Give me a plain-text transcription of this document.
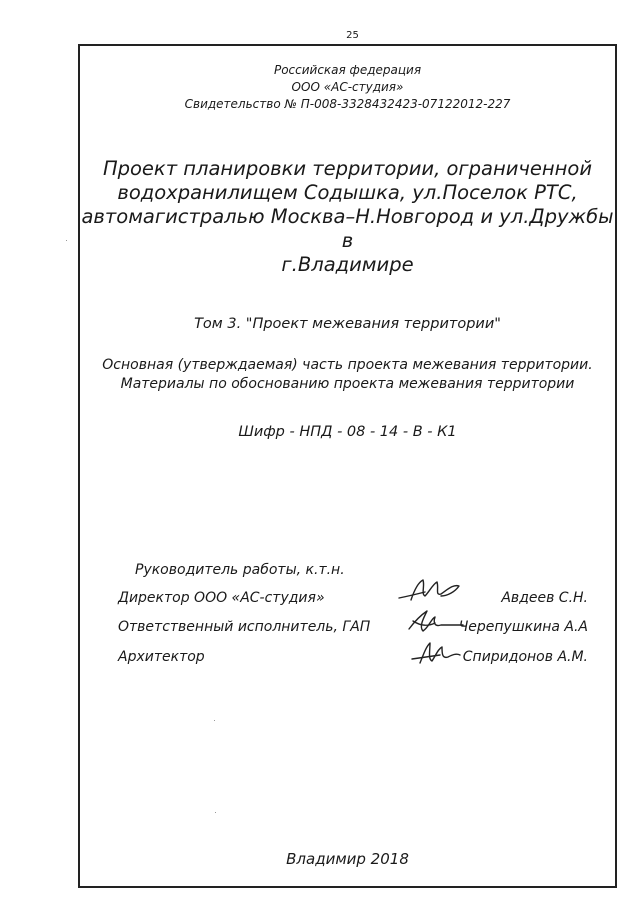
25
Российская федерация
ООО «АС-студия»
Свидетельство № П-008-3328432423-07122012-227
Проект планировки территории, ограниченной
водохранилищем Содышка, ул.Поселок РТС,
автомагистралью Москва–Н.Новгород и ул.Дружбы в
г.Владимире
Том 3. "Проект межевания территории"
Основная (утверждаемая) часть проекта межевания территории.
Материалы по обоснованию проекта межевания территории
Шифр - НПД - 08 - 14 - В - К1
Руководитель работы, к.т.н.
Директор ООО «АС-студия»	Авдеев С.Н.
Ответственный исполнитель, ГАП	Черепушкина А.А
Архитектор	Спиридонов А.М.
Владимир 2018
